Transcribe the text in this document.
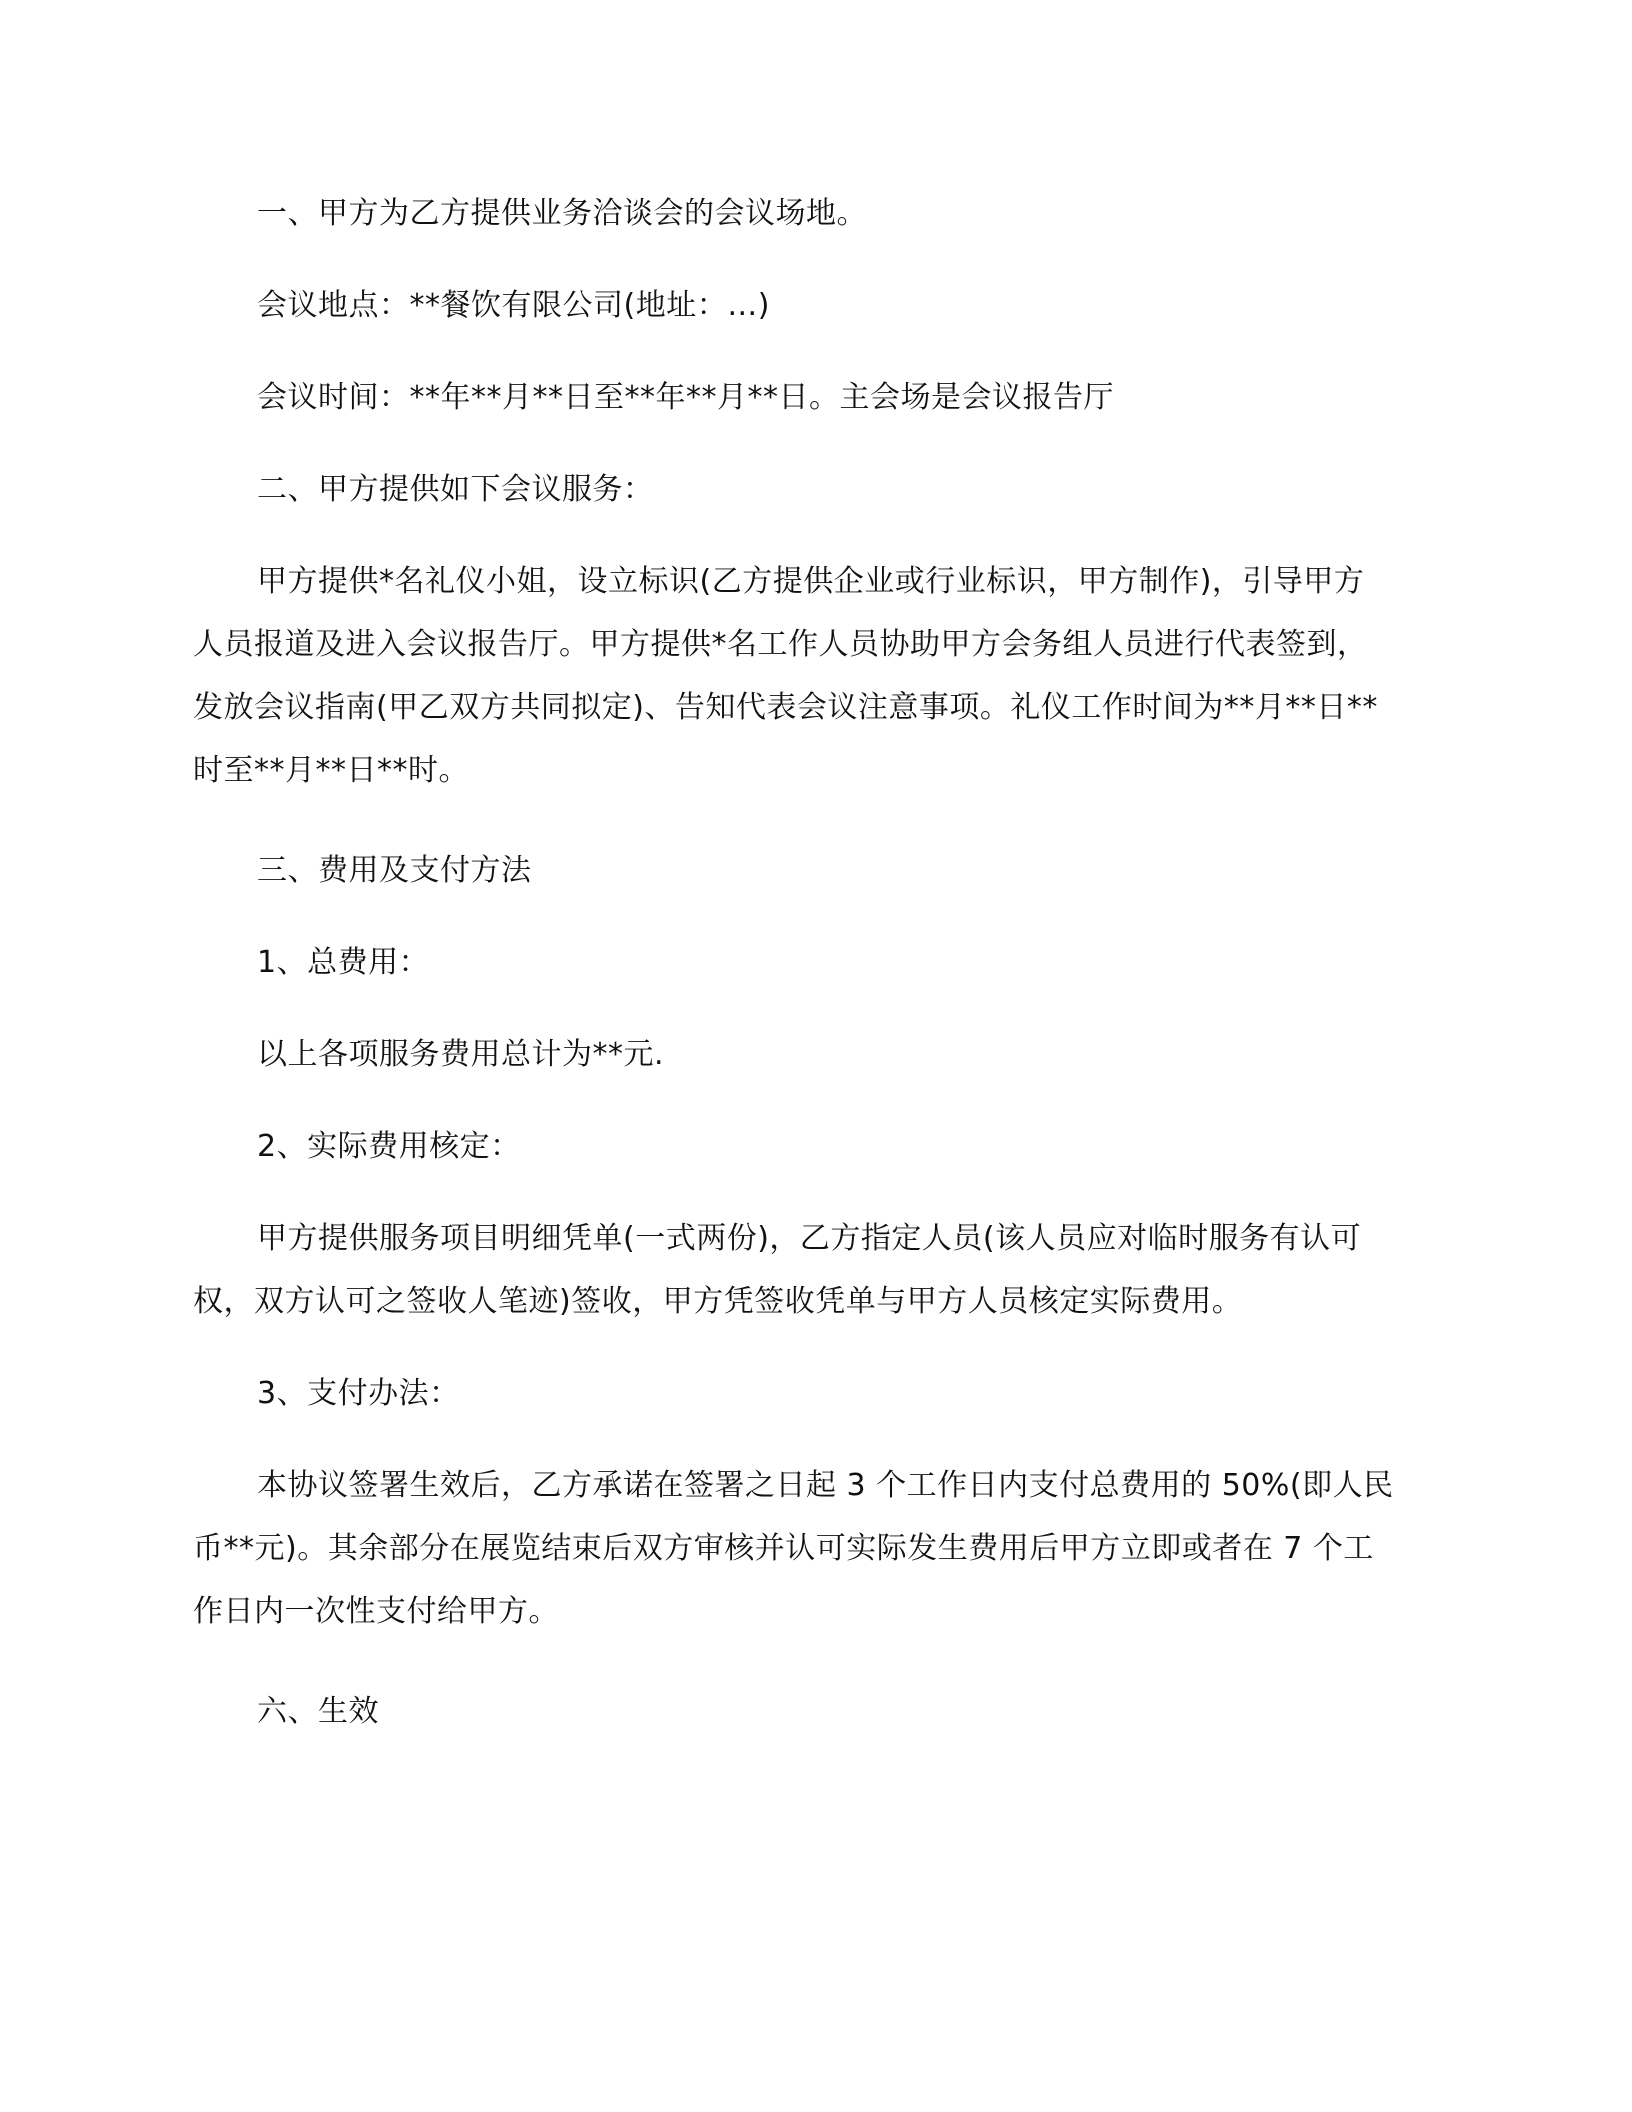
一、甲方为乙方提供业务洽谈会的会议场地。
会议地点：**餐饮有限公司(地址：…)
会议时间：**年**月**日至**年**月**日。主会场是会议报告厅
二、甲方提供如下会议服务：
甲方提供*名礼仪小姐，设立标识(乙方提供企业或行业标识，甲方制作)，引导甲方
人员报道及进入会议报告厅。甲方提供*名工作人员协助甲方会务组人员进行代表签到，
发放会议指南(甲乙双方共同拟定)、告知代表会议注意事项。礼仪工作时间为**月**日**
时至**月**日**时。
三、费用及支付方法
1、总费用：
以上各项服务费用总计为**元.
2、实际费用核定：
甲方提供服务项目明细凭单(一式两份)，乙方指定人员(该人员应对临时服务有认可
权，双方认可之签收人笔迹)签收，甲方凭签收凭单与甲方人员核定实际费用。
3、支付办法：
本协议签署生效后，乙方承诺在签署之日起 3 个工作日内支付总费用的 50%(即人民
币**元)。其余部分在展览结束后双方审核并认可实际发生费用后甲方立即或者在 7 个工
作日内一次性支付给甲方。
六、生效
